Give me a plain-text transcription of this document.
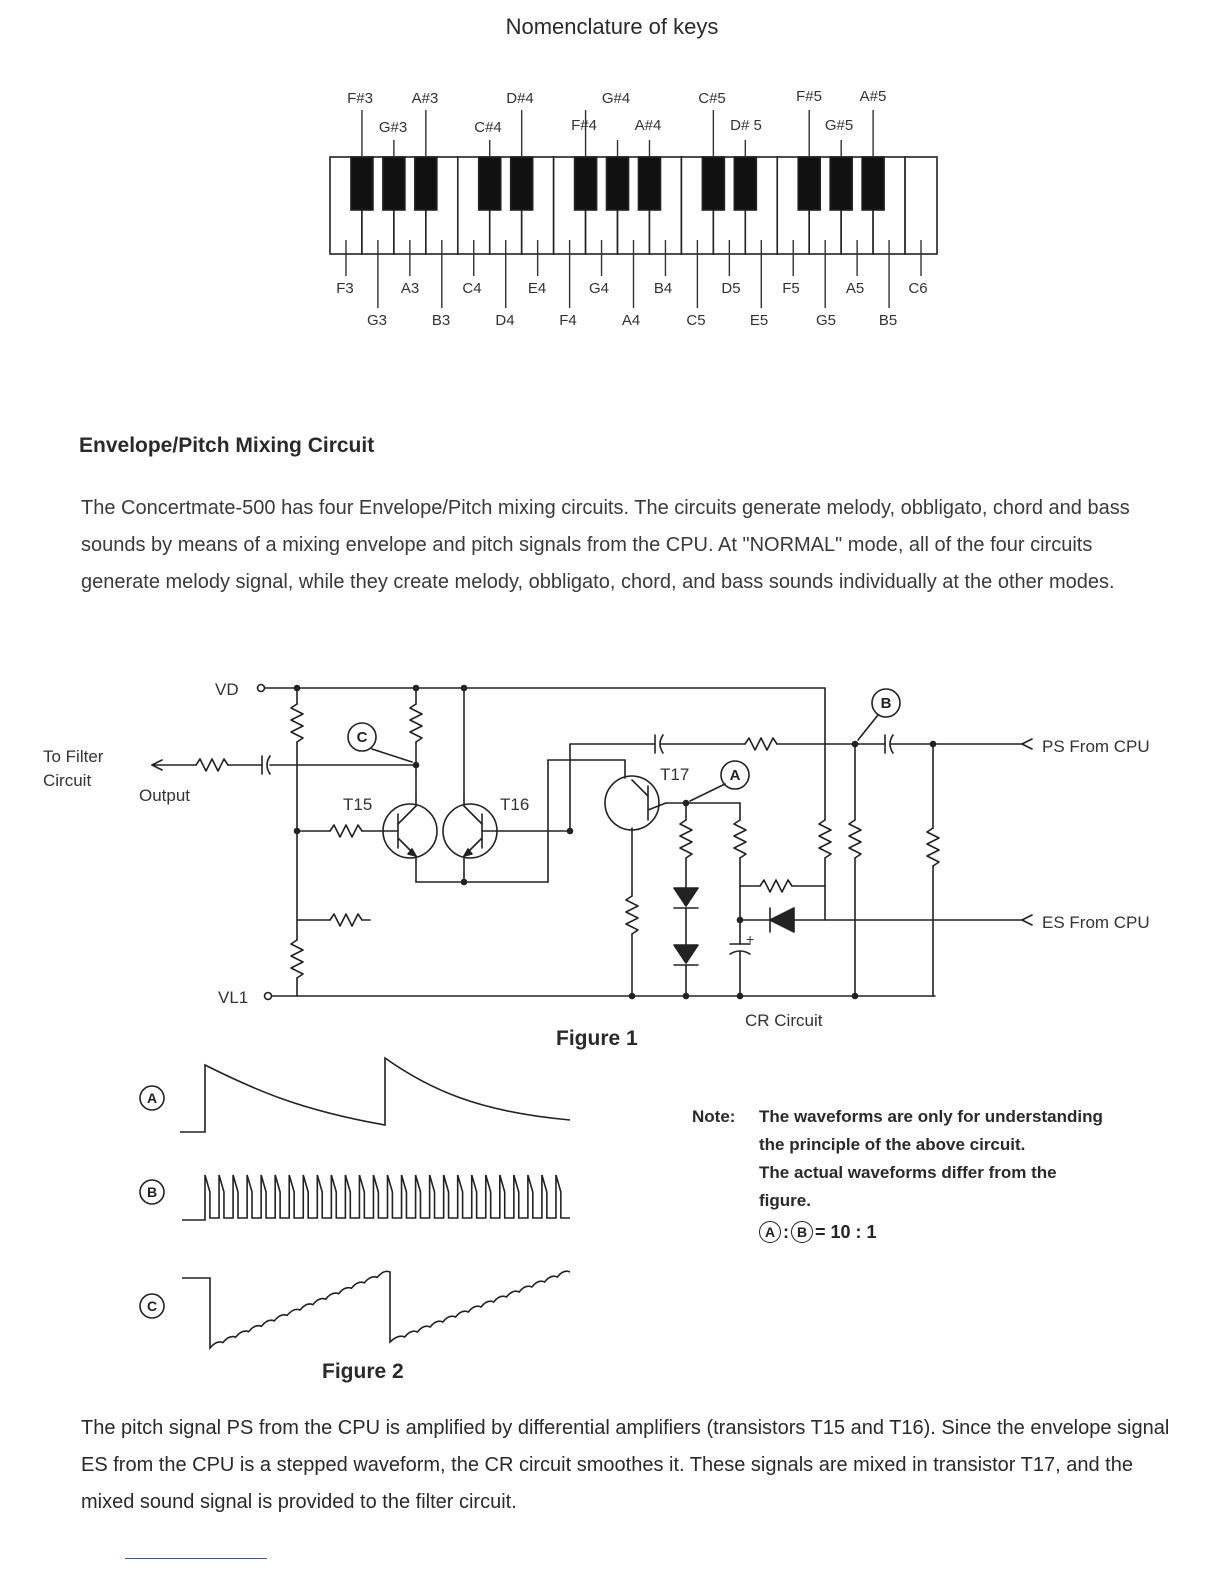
Nomenclature of keys
F#3	A#3	D#4	G#4	C#5	F#5	A#5
G#3	C#4	F#4	A#4	D# 5	G#5
F3	A3	C4	E4	G4	B4	D5	F5	A5	C6
G3	B3	D4	F4	A4	C5	E5	G5	B5
Envelope/Pitch Mixing Circuit
The Concertmate-500 has four Envelope/Pitch mixing circuits. The circuits generate melody, obbligato, chord and bass sounds by means of a mixing envelope and pitch signals from the CPU. At "NORMAL" mode, all of the four circuits generate melody signal, while they create melody, obbligato, chord, and bass sounds individually at the other modes.
VD
VL1
To Filter
Circuit
Output	T15	T16
T17
PS From CPU
ES From CPU
CR Circuit
+
C
A
B
Figure 1
A
B
C
Figure 2
Note: The waveforms are only for understanding
the principle of the above circuit.
The actual waveforms differ from the
figure.
A : B = 10 : 1
The pitch signal PS from the CPU is amplified by differential amplifiers (transistors T15 and T16). Since the envelope signal ES from the CPU is a stepped waveform, the CR circuit smoothes it. These signals are mixed in transistor T17, and the mixed sound signal is provided to the filter circuit.
